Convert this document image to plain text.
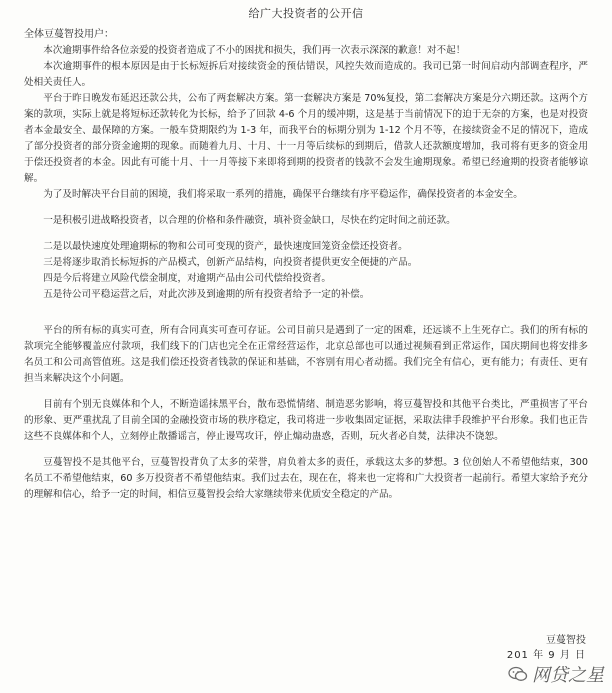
给广大投资者的公开信

全体豆蔓智投用户：

本次逾期事件给各位亲爱的投资者造成了不小的困扰和损失，我们再一次表示深深的歉意！对不起！

本次逾期事件的根本原因是由于长标短拆后对接续资金的预估错误，风控失效而造成的。我司已第一时间启动内部调查程序，严处相关责任人。

平台于昨日晚发布延迟还款公共，公布了两套解决方案。第一套解决方案是 70%复投，第二套解决方案是分六期还款。这两个方案的款项，实际上就是将短标还款转化为长标，给予了回款 4-6 个月的缓冲期，这是基于当前情况下的迫于无奈的方案，也是对投资者本金最安全、最保障的方案。一般车贷期限约为 1-3 年，而我平台的标期分别为 1-12 个月不等，在接续资金不足的情况下，造成了部分投资者的部分资金逾期的现象。而随着九月、十月、十一月等后续标的到期后，借款人还款额度增加，我司将有更多的资金用于偿还投资者的本金。因此有可能十月、十一月等接下来即将到期的投资者的钱款不会发生逾期现象。希望已经逾期的投资者能够谅解。

为了及时解决平台目前的困境，我们将采取一系列的措施，确保平台继续有序平稳运作，确保投资者的本金安全。

一是积极引进战略投资者，以合理的价格和条件融资，填补资金缺口，尽快在约定时间之前还款。

二是以最快速度处理逾期标的物和公司可变现的资产，最快速度回笼资金偿还投资者。

三是将逐步取消长标短拆的产品模式，创新产品结构，向投资者提供更安全便捷的产品。

四是今后将建立风险代偿金制度，对逾期产品由公司代偿给投资者。

五是待公司平稳运营之后，对此次涉及到逾期的所有投资者给予一定的补偿。

平台的所有标的真实可查，所有合同真实可查可存证。公司目前只是遇到了一定的困难，还远谈不上生死存亡。我们的所有标的款项完全能够覆盖应付款项，我们线下的门店也完全在正常经营运作，北京总部也可以通过视频看到正常运作，国庆期间也将安排多名员工和公司高管值班。这是我们偿还投资者钱款的保证和基础，不容别有用心者动摇。我们完全有信心，更有能力；有责任、更有担当来解决这个小问题。

目前有个别无良媒体和个人，不断造谣抹黑平台，散布恐慌情绪、制造恶劣影响，将豆蔓智投和其他平台类比，严重损害了平台的形象、更严重扰乱了目前全国的金融投资市场的秩序稳定，我司将进一步收集固定证据，采取法律手段维护平台形象。我们也正告这些不良媒体和个人，立刻停止散播谣言，停止谩骂攻讦，停止煽动蛊惑，否则，玩火者必自焚，法律决不饶恕。

豆蔓智投不是其他平台，豆蔓智投背负了太多的荣誉，肩负着太多的责任，承载这太多的梦想。3 位创始人不希望他结束，300 名员工不希望他结束，60 多万投资者不希望他结束。我们过去在，现在在，将来也一定将和广大投资者一起前行。希望大家给予充分的理解和信心，给予一定的时间，相信豆蔓智投会给大家继续带来优质安全稳定的产品。

豆蔓智投
201 年 9 月 日
网贷之星
